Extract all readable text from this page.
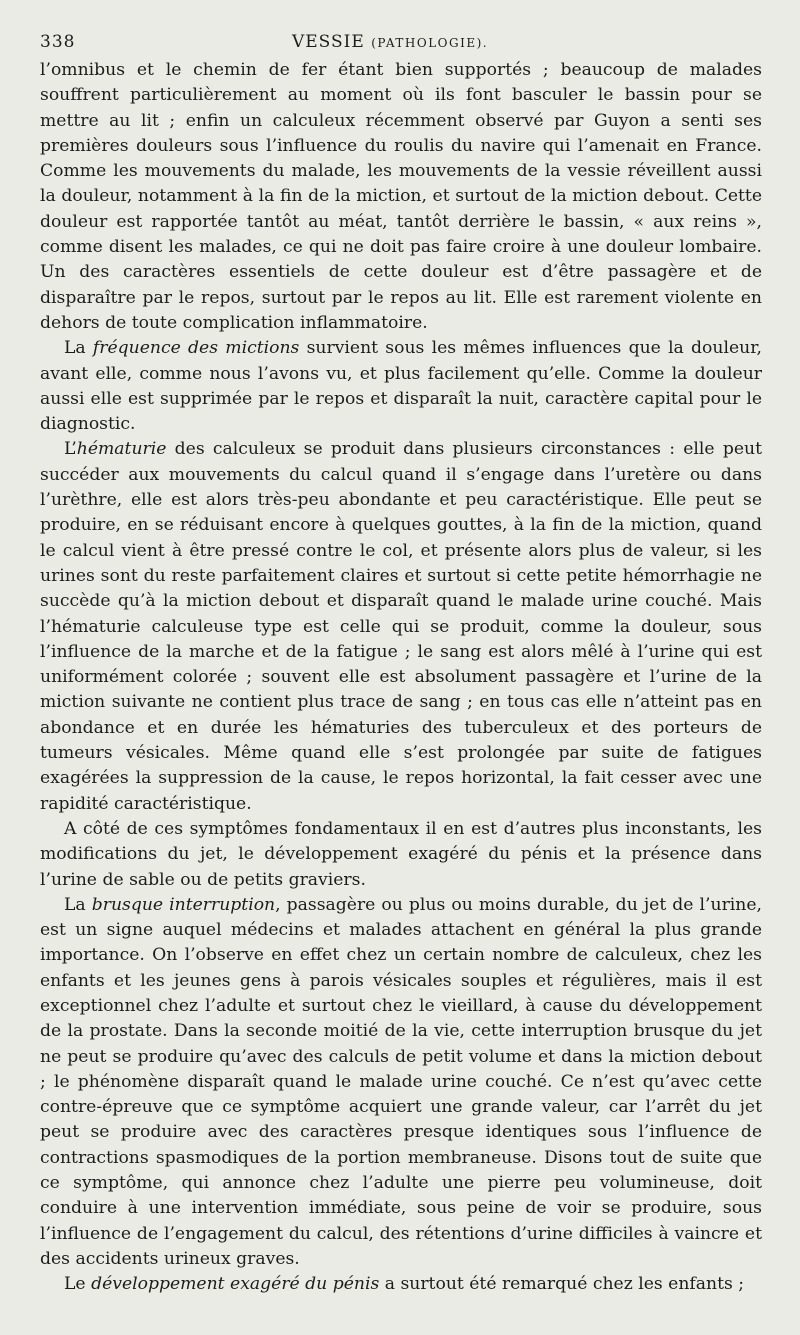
338	VESSIE (PATHOLOGIE).

l’omnibus et le chemin de fer étant bien supportés ; beaucoup de malades souffrent particulièrement au moment où ils font basculer le bassin pour se mettre au lit ; enfin un calculeux récemment observé par Guyon a senti ses premières douleurs sous l’influence du roulis du navire qui l’amenait en France. Comme les mouvements du malade, les mouvements de la vessie réveillent aussi la douleur, notamment à la fin de la miction, et surtout de la miction debout. Cette douleur est rapportée tantôt au méat, tantôt derrière le bassin, « aux reins », comme disent les malades, ce qui ne doit pas faire croire à une douleur lombaire. Un des caractères essentiels de cette douleur est d’être passagère et de disparaître par le repos, surtout par le repos au lit. Elle est rarement violente en dehors de toute complication inflammatoire.

La fréquence des mictions survient sous les mêmes influences que la douleur, avant elle, comme nous l’avons vu, et plus facilement qu’elle. Comme la douleur aussi elle est supprimée par le repos et disparaît la nuit, caractère capital pour le diagnostic.

L’hématurie des calculeux se produit dans plusieurs circonstances : elle peut succéder aux mouvements du calcul quand il s’engage dans l’uretère ou dans l’urèthre, elle est alors très-peu abondante et peu caractéristique. Elle peut se produire, en se réduisant encore à quelques gouttes, à la fin de la miction, quand le calcul vient à être pressé contre le col, et présente alors plus de valeur, si les urines sont du reste parfaitement claires et surtout si cette petite hémorrhagie ne succède qu’à la miction debout et disparaît quand le malade urine couché. Mais l’hématurie calculeuse type est celle qui se produit, comme la douleur, sous l’influence de la marche et de la fatigue ; le sang est alors mêlé à l’urine qui est uniformément colorée ; souvent elle est absolument passagère et l’urine de la miction suivante ne contient plus trace de sang ; en tous cas elle n’atteint pas en abondance et en durée les hématuries des tuberculeux et des porteurs de tumeurs vésicales. Même quand elle s’est prolongée par suite de fatigues exagérées la suppression de la cause, le repos horizontal, la fait cesser avec une rapidité caractéristique.

A côté de ces symptômes fondamentaux il en est d’autres plus inconstants, les modifications du jet, le développement exagéré du pénis et la présence dans l’urine de sable ou de petits graviers.

La brusque interruption, passagère ou plus ou moins durable, du jet de l’urine, est un signe auquel médecins et malades attachent en général la plus grande importance. On l’observe en effet chez un certain nombre de calculeux, chez les enfants et les jeunes gens à parois vésicales souples et régulières, mais il est exceptionnel chez l’adulte et surtout chez le vieillard, à cause du développement de la prostate. Dans la seconde moitié de la vie, cette interruption brusque du jet ne peut se produire qu’avec des calculs de petit volume et dans la miction debout ; le phénomène disparaît quand le malade urine couché. Ce n’est qu’avec cette contre-épreuve que ce symptôme acquiert une grande valeur, car l’arrêt du jet peut se produire avec des caractères presque identiques sous l’influence de contractions spasmodiques de la portion membraneuse. Disons tout de suite que ce symptôme, qui annonce chez l’adulte une pierre peu volumineuse, doit conduire à une intervention immédiate, sous peine de voir se produire, sous l’influence de l’engagement du calcul, des rétentions d’urine difficiles à vaincre et des accidents urineux graves.

Le développement exagéré du pénis a surtout été remarqué chez les enfants ;
